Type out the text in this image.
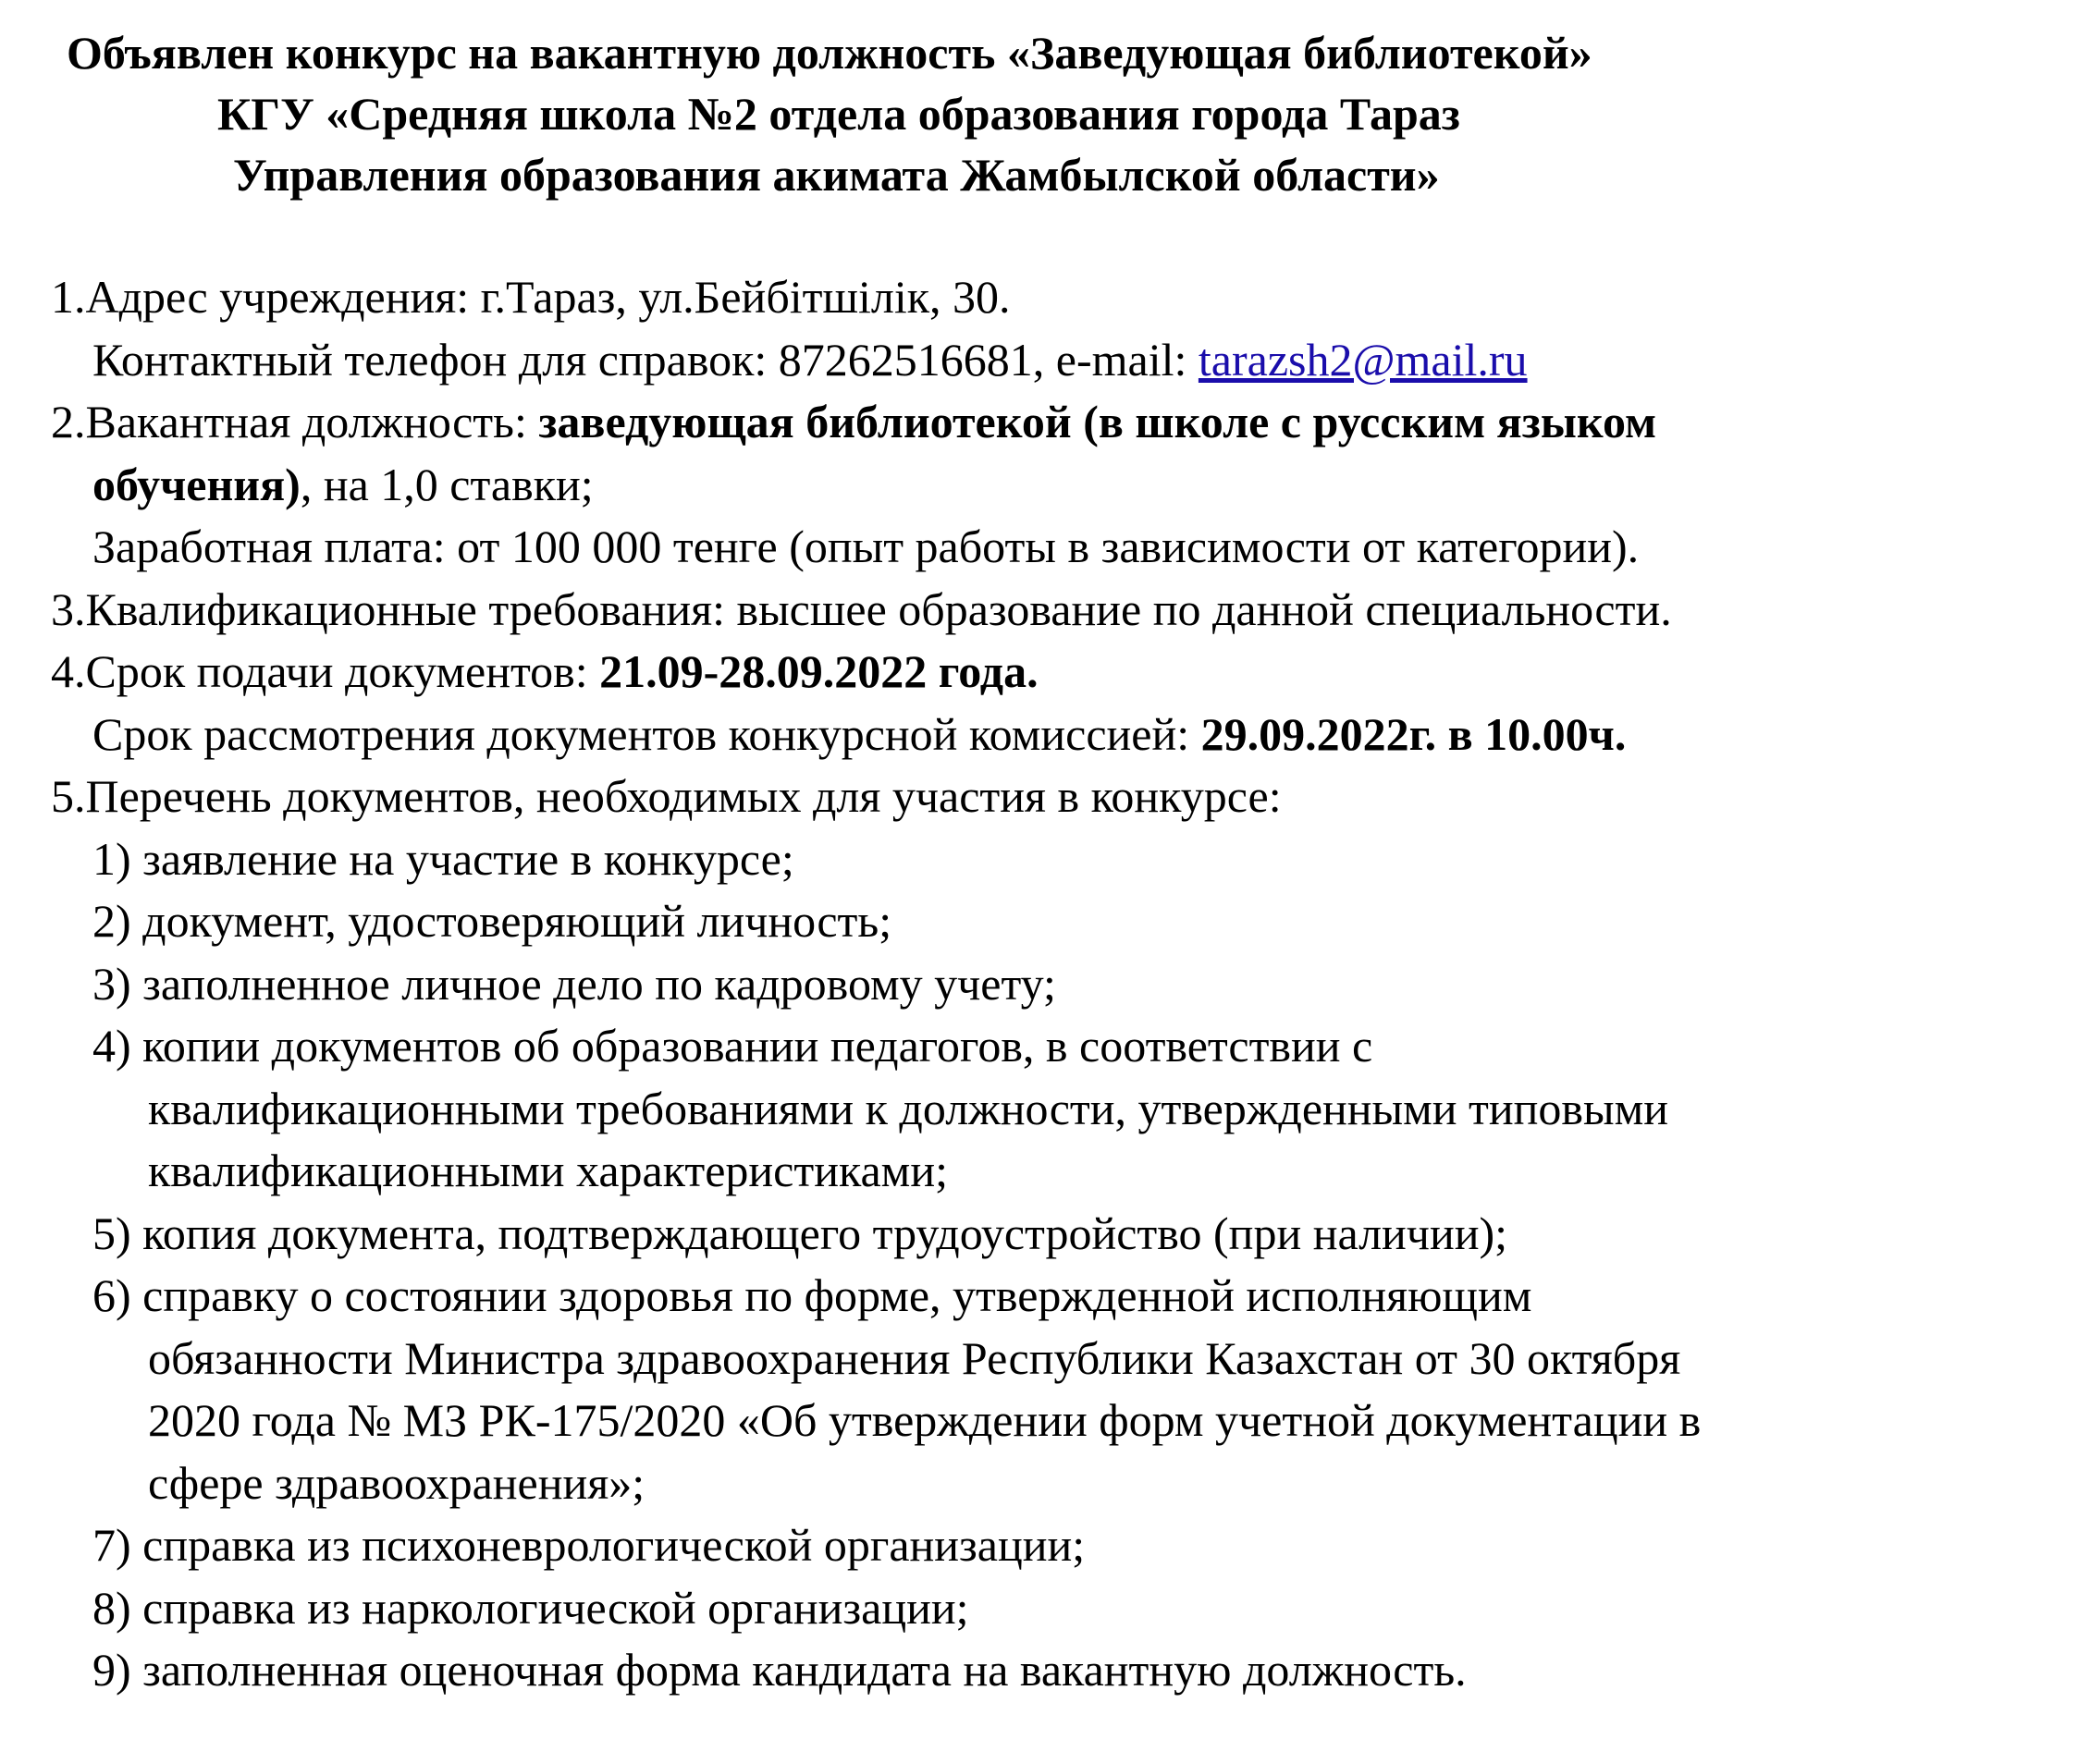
Объявлен конкурс на вакантную должность «Заведующая библиотекой»
КГУ «Средняя школа №2 отдела образования города Тараз
Управления образования акимата Жамбылской области»
1.Адрес учреждения: г.Тараз, ул.Бейбітшілік, 30.
Контактный телефон для справок: 87262516681, e-mail: tarazsh2@mail.ru
2.Вакантная должность: заведующая библиотекой (в школе с русским языком
обучения), на 1,0 ставки;
Заработная плата: от 100 000 тенге (опыт работы в зависимости от категории).
3.Квалификационные требования: высшее образование по данной специальности.
4.Срок подачи документов: 21.09-28.09.2022 года.
Срок рассмотрения документов конкурсной комиссией: 29.09.2022г. в 10.00ч.
5.Перечень документов, необходимых для участия в конкурсе:
1) заявление на участие в конкурсе;
2) документ, удостоверяющий личность;
3) заполненное личное дело по кадровому учету;
4) копии документов об образовании педагогов, в соответствии с
квалификационными требованиями к должности, утвержденными типовыми
квалификационными характеристиками;
5) копия документа, подтверждающего трудоустройство (при наличии);
6) справку о состоянии здоровья по форме, утвержденной исполняющим
обязанности Министра здравоохранения Республики Казахстан от 30 октября
2020 года № МЗ РК-175/2020 «Об утверждении форм учетной документации в
сфере здравоохранения»;
7) справка из психоневрологической организации;
8) справка из наркологической организации;
9) заполненная оценочная форма кандидата на вакантную должность.
